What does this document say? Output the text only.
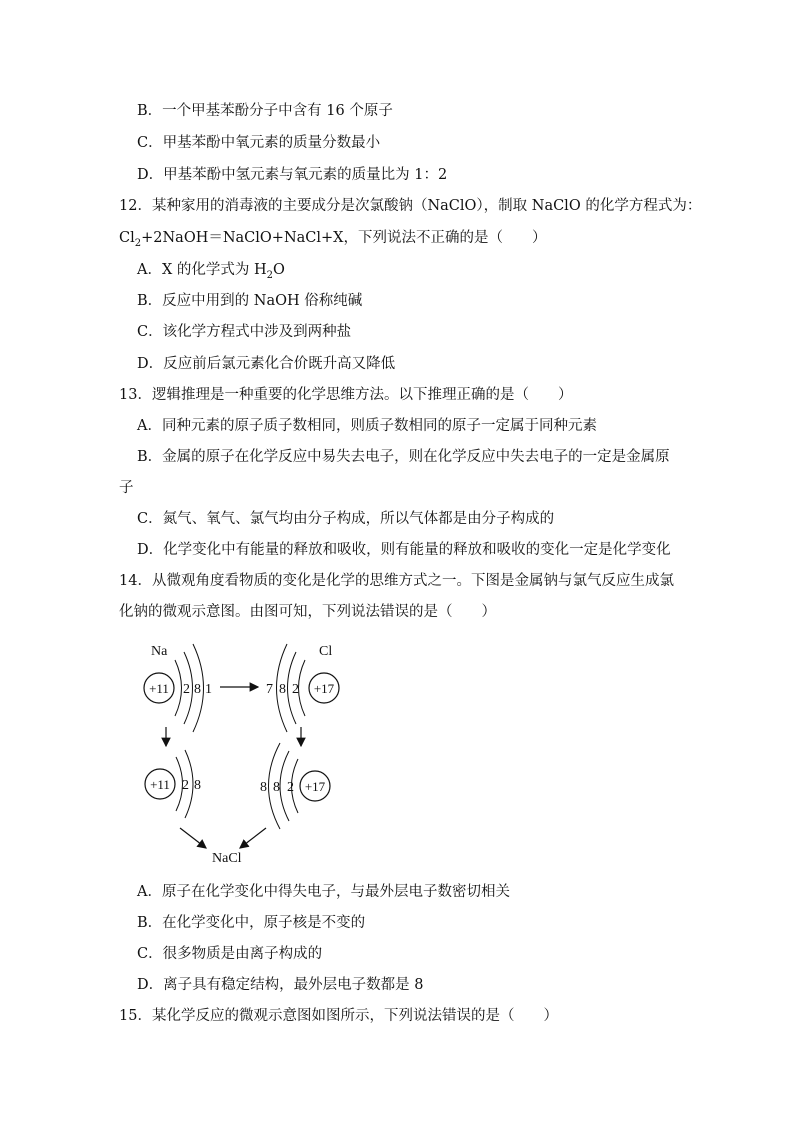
B．一个甲基苯酚分子中含有 16 个原子
C．甲基苯酚中氧元素的质量分数最小
D．甲基苯酚中氢元素与氧元素的质量比为 1：2
12．某种家用的消毒液的主要成分是次氯酸钠（NaClO），制取 NaClO 的化学方程式为：
$Cl_2+2NaOH=NaClO+NaCl+X$，下列说法不正确的是（　　）
A．X 的化学式为 $H_2O$
B．反应中用到的 NaOH 俗称纯碱
C．该化学方程式中涉及到两种盐
D．反应前后氯元素化合价既升高又降低
13．逻辑推理是一种重要的化学思维方法。以下推理正确的是（　　）
A．同种元素的原子质子数相同，则质子数相同的原子一定属于同种元素
B．金属的原子在化学反应中易失去电子，则在化学反应中失去电子的一定是金属原
子
C．氮气、氧气、氯气均由分子构成，所以气体都是由分子构成的
D．化学变化中有能量的释放和吸收，则有能量的释放和吸收的变化一定是化学变化
14．从微观角度看物质的变化是化学的思维方式之一。下图是金属钠与氯气反应生成氯
化钠的微观示意图。由图可知，下列说法错误的是（　　）
Na	Cl
+11 2 8 1	7 8 2 +17
+11 2 8	8 8 2 +17
NaCl
A．原子在化学变化中得失电子，与最外层电子数密切相关
B．在化学变化中，原子核是不变的
C．很多物质是由离子构成的
D．离子具有稳定结构，最外层电子数都是 8
15．某化学反应的微观示意图如图所示，下列说法错误的是（　　）
